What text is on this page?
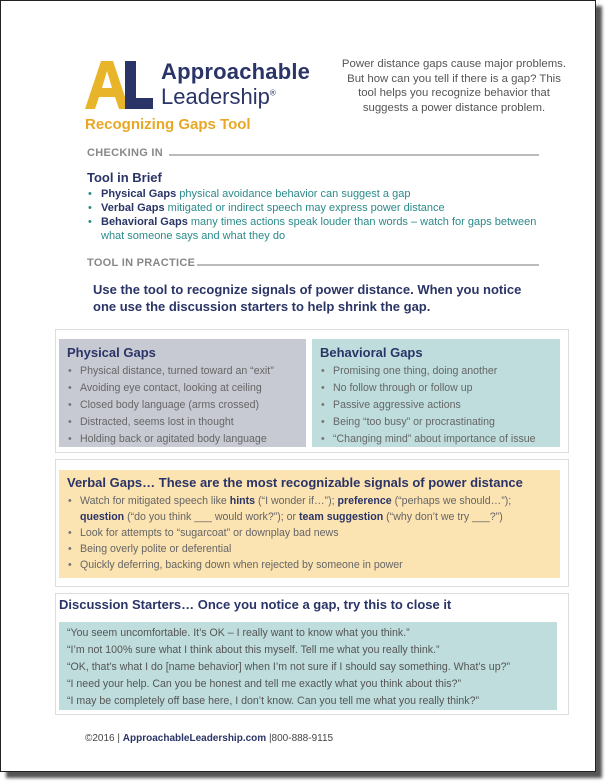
Approachable
Leadership®
Recognizing Gaps Tool
Power distance gaps cause major problems. But how can you tell if there is a gap? This tool helps you recognize behavior that suggests a power distance problem.
CHECKING IN
Tool in Brief
• Physical Gaps physical avoidance behavior can suggest a gap
• Verbal Gaps mitigated or indirect speech may express power distance
• Behavioral Gaps many times actions speak louder than words – watch for gaps between what someone says and what they do
TOOL IN PRACTICE
Use the tool to recognize signals of power distance. When you notice one use the discussion starters to help shrink the gap.
Physical Gaps
• Physical distance, turned toward an “exit”
• Avoiding eye contact, looking at ceiling
• Closed body language (arms crossed)
• Distracted, seems lost in thought
• Holding back or agitated body language
Behavioral Gaps
• Promising one thing, doing another
• No follow through or follow up
• Passive aggressive actions
• Being “too busy” or procrastinating
• “Changing mind” about importance of issue
Verbal Gaps… These are the most recognizable signals of power distance
• Watch for mitigated speech like hints (“I wonder if…”); preference (“perhaps we should…”); question (“do you think ___ would work?”); or team suggestion (“why don’t we try ___?”)
• Look for attempts to “sugarcoat” or downplay bad news
• Being overly polite or deferential
• Quickly deferring, backing down when rejected by someone in power
Discussion Starters… Once you notice a gap, try this to close it
“You seem uncomfortable. It’s OK – I really want to know what you think.”
“I’m not 100% sure what I think about this myself. Tell me what you really think.”
“OK, that’s what I do [name behavior] when I’m not sure if I should say something. What’s up?”
“I need your help. Can you be honest and tell me exactly what you think about this?”
“I may be completely off base here, I don’t know. Can you tell me what you really think?”
©2016 | ApproachableLeadership.com |800-888-9115
